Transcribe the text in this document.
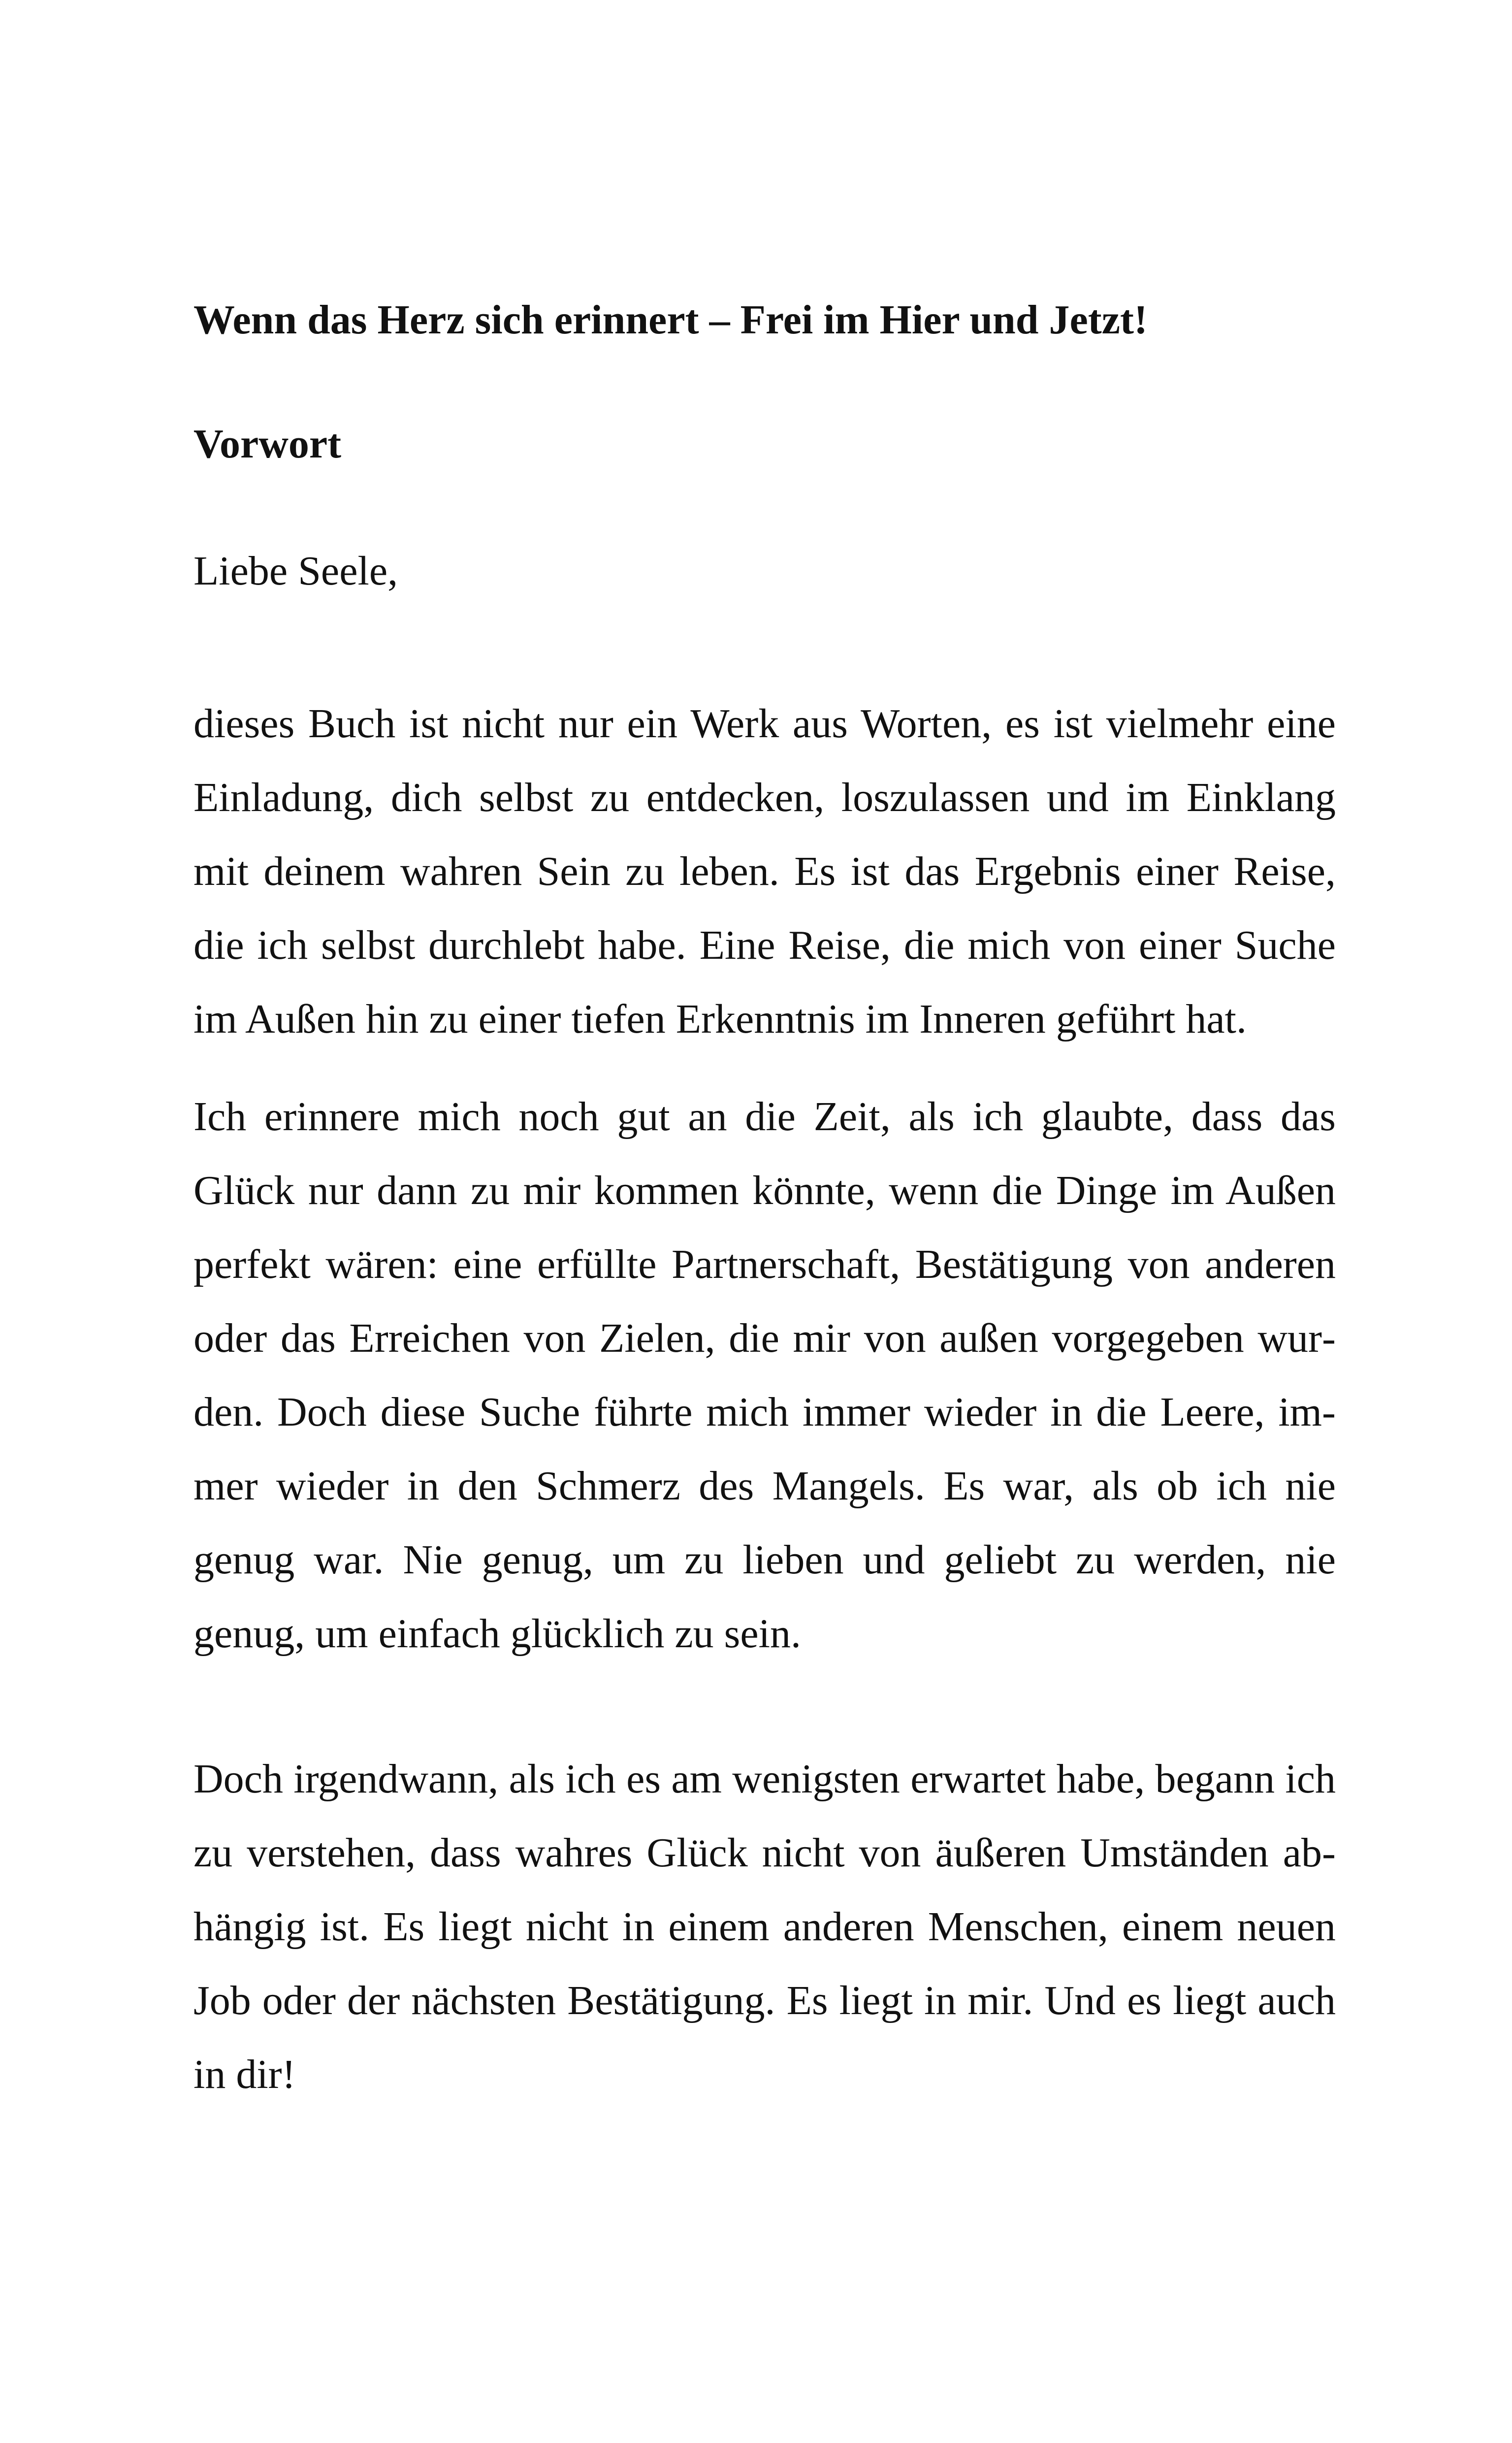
Wenn das Herz sich erinnert – Frei im Hier und Jetzt!
Vorwort

Liebe Seele,

dieses Buch ist nicht nur ein Werk aus Worten, es ist vielmehr eine Einladung, dich selbst zu entdecken, loszulassen und im Einklang mit deinem wahren Sein zu leben. Es ist das Ergebnis einer Reise, die ich selbst durchlebt habe. Eine Reise, die mich von einer Suche im Außen hin zu einer tiefen Erkenntnis im Inneren geführt hat.

Ich erinnere mich noch gut an die Zeit, als ich glaubte, dass das Glück nur dann zu mir kommen könnte, wenn die Dinge im Außen perfekt wären: eine erfüllte Partnerschaft, Bestätigung von anderen oder das Erreichen von Zielen, die mir von außen vorgegeben wurden. Doch diese Suche führte mich immer wieder in die Leere, immer wieder in den Schmerz des Mangels. Es war, als ob ich nie genug war. Nie genug, um zu lieben und geliebt zu werden, nie genug, um einfach glücklich zu sein.

Doch irgendwann, als ich es am wenigsten erwartet habe, begann ich zu verstehen, dass wahres Glück nicht von äußeren Umständen abhängig ist. Es liegt nicht in einem anderen Menschen, einem neuen Job oder der nächsten Bestätigung. Es liegt in mir. Und es liegt auch in dir!
